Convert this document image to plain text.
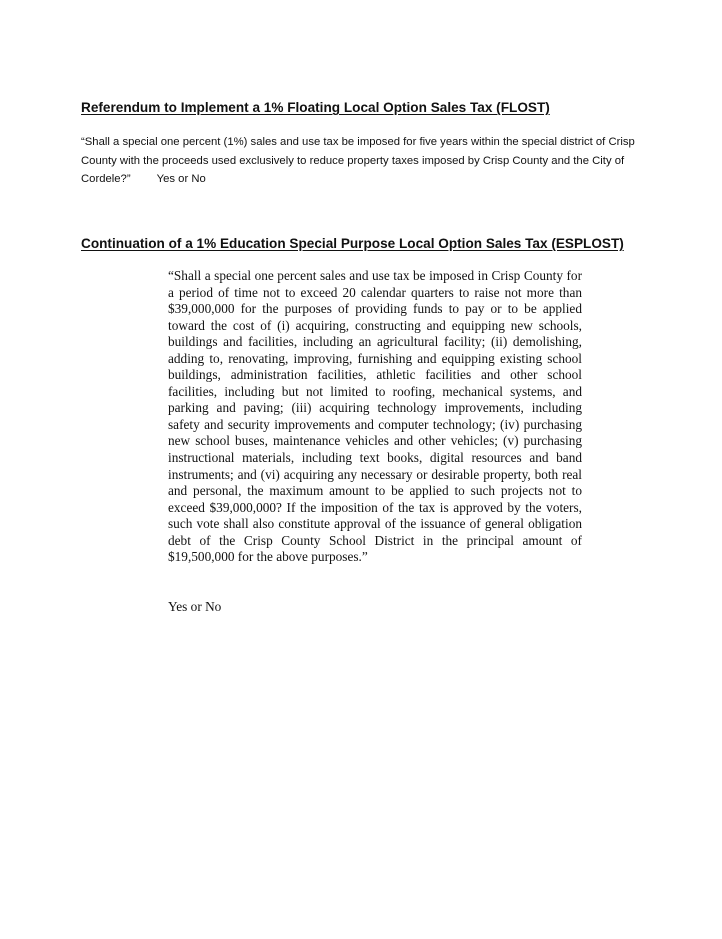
Referendum to Implement a 1% Floating Local Option Sales Tax (FLOST)

“Shall a special one percent (1%) sales and use tax be imposed for five years within the special district of Crisp County with the proceeds used exclusively to reduce property taxes imposed by Crisp County and the City of Cordele?” Yes or No

Continuation of a 1% Education Special Purpose Local Option Sales Tax (ESPLOST)

“Shall a special one percent sales and use tax be imposed in Crisp County for a period of time not to exceed 20 calendar quarters to raise not more than $39,000,000 for the purposes of providing funds to pay or to be applied toward the cost of (i) acquiring, constructing and equipping new schools, buildings and facilities, including an agricultural facility; (ii) demolishing, adding to, renovating, improving, furnishing and equipping existing school buildings, administration facilities, athletic facilities and other school facilities, including but not limited to roofing, mechanical systems, and parking and paving; (iii) acquiring technology improvements, including safety and security improvements and computer technology; (iv) purchasing new school buses, maintenance vehicles and other vehicles; (v) purchasing instructional materials, including text books, digital resources and band instruments; and (vi) acquiring any necessary or desirable property, both real and personal, the maximum amount to be applied to such projects not to exceed $39,000,000? If the imposition of the tax is approved by the voters, such vote shall also constitute approval of the issuance of general obligation debt of the Crisp County School District in the principal amount of $19,500,000 for the above purposes.”

Yes or No
